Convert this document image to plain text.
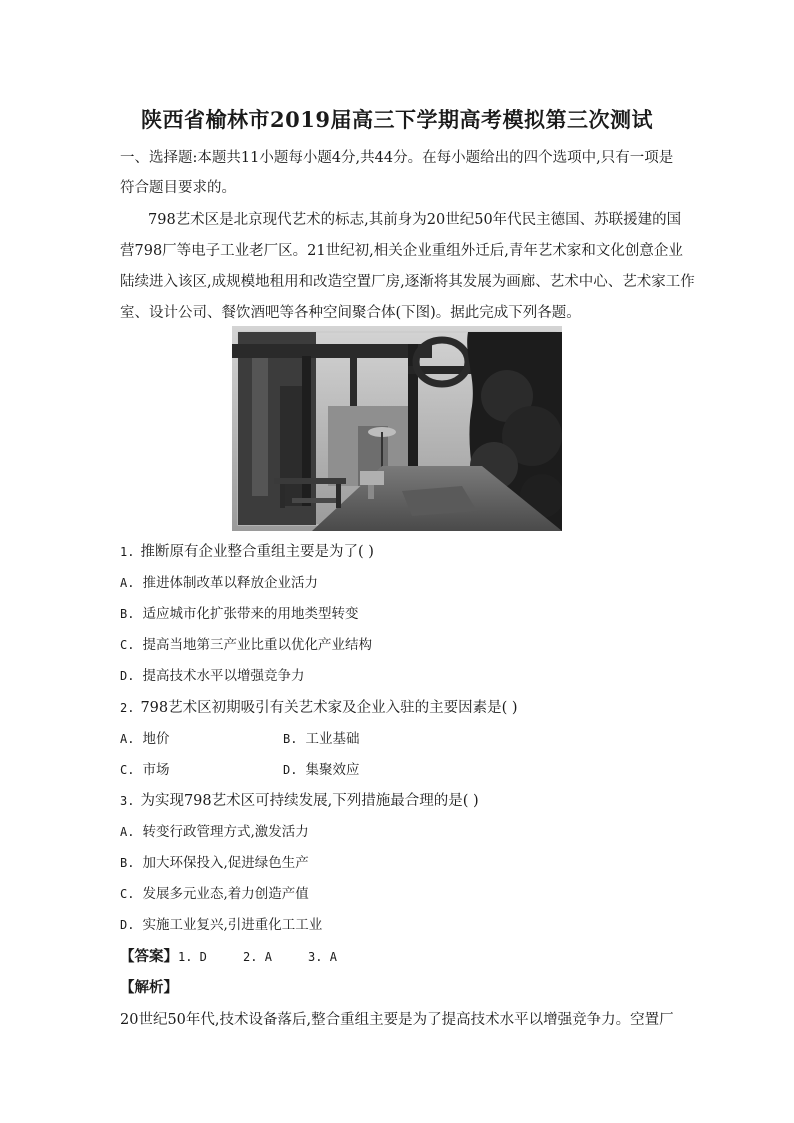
陕西省榆林市2019届高三下学期高考模拟第三次测试
一、选择题:本题共11小题每小题4分,共44分。在每小题给出的四个选项中,只有一项是
符合题目要求的。
798艺术区是北京现代艺术的标志,其前身为20世纪50年代民主德国、苏联援建的国
营798厂等电子工业老厂区。21世纪初,相关企业重组外迁后,青年艺术家和文化创意企业
陆续进入该区,成规模地租用和改造空置厂房,逐渐将其发展为画廊、艺术中心、艺术家工作
室、设计公司、餐饮酒吧等各种空间聚合体(下图)。据此完成下列各题。
1. 推断原有企业整合重组主要是为了( )
A. 推进体制改革以释放企业活力
B. 适应城市化扩张带来的用地类型转变
C. 提高当地第三产业比重以优化产业结构
D. 提高技术水平以增强竞争力
2. 798艺术区初期吸引有关艺术家及企业入驻的主要因素是( )
A. 地价	B. 工业基础
C. 市场	D. 集聚效应
3. 为实现798艺术区可持续发展,下列措施最合理的是( )
A. 转变行政管理方式,激发活力
B. 加大环保投入,促进绿色生产
C. 发展多元业态,着力创造产值
D. 实施工业复兴,引进重化工工业
【答案】1. D     2. A     3. A
【解析】
20世纪50年代,技术设备落后,整合重组主要是为了提高技术水平以增强竞争力。空置厂
